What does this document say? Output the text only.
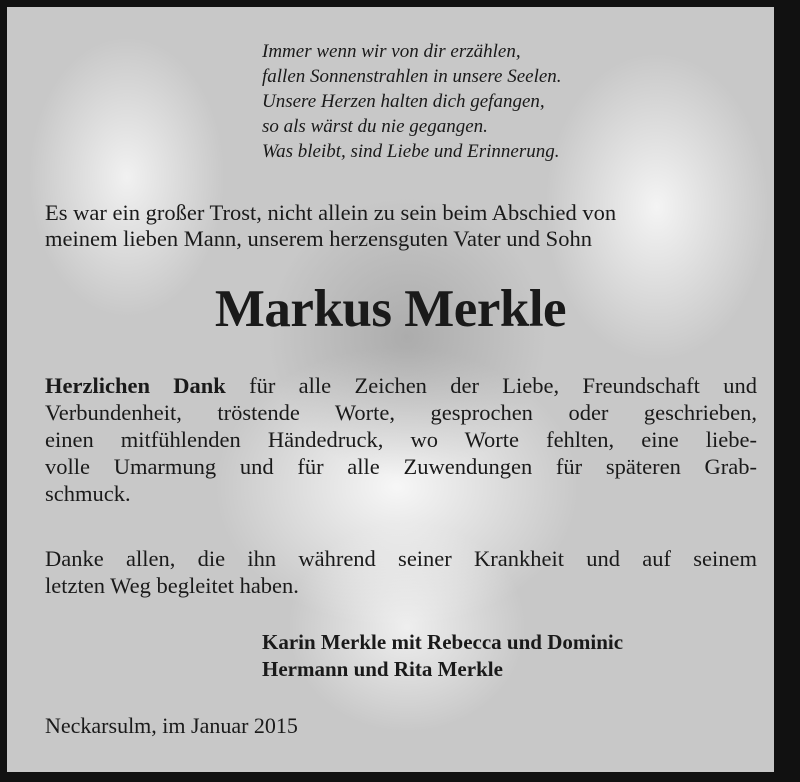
Immer wenn wir von dir erzählen,
fallen Sonnenstrahlen in unsere Seelen.
Unsere Herzen halten dich gefangen,
so als wärst du nie gegangen.
Was bleibt, sind Liebe und Erinnerung.
Es war ein großer Trost, nicht allein zu sein beim Abschied von
meinem lieben Mann, unserem herzensguten Vater und Sohn
Markus Merkle
Herzlichen Dank für alle Zeichen der Liebe, Freundschaft und
Verbundenheit, tröstende Worte, gesprochen oder geschrieben,
einen mitfühlenden Händedruck, wo Worte fehlten, eine liebe-
volle Umarmung und für alle Zuwendungen für späteren Grab-
schmuck.
Danke allen, die ihn während seiner Krankheit und auf seinem
letzten Weg begleitet haben.
Karin Merkle mit Rebecca und Dominic
Hermann und Rita Merkle
Neckarsulm, im Januar 2015
